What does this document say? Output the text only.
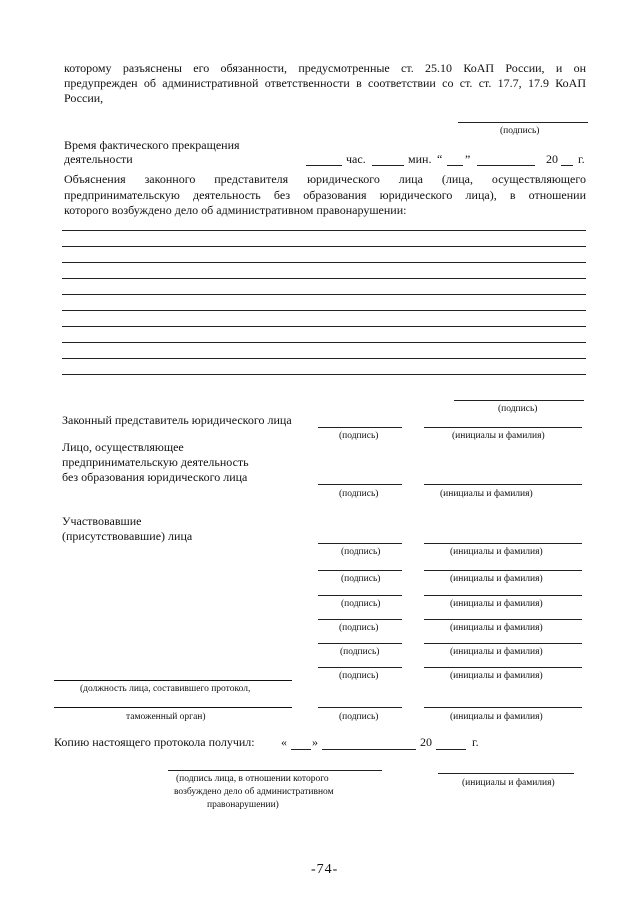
которому разъяснены его обязанности, предусмотренные ст. 25.10 КоАП России, и он
предупрежден об административной ответственности в соответствии со ст. ст. 17.7, 17.9 КоАП
России,
(подпись)
Время фактического прекращения
деятельности	час.	мин. “ ”	20 г.
Объяснения законного представителя юридического лица (лица, осуществляющего
предпринимательскую деятельность без образования юридического лица), в отношении
которого возбуждено дело об административном правонарушении:
(подпись)
Законный представитель юридического лица
(подпись)	(инициалы и фамилия)
Лицо, осуществляющее
предпринимательскую деятельность
без образования юридического лица
(подпись)	(инициалы и фамилия)
Участвовавшие
(присутствовавшие) лица
(подпись)	(инициалы и фамилия)
(подпись)	(инициалы и фамилия)
(подпись)	(инициалы и фамилия)
(подпись)	(инициалы и фамилия)
(подпись)	(инициалы и фамилия)
(подпись)	(инициалы и фамилия)
(должность лица, составившего протокол,
таможенный орган)	(подпись)	(инициалы и фамилия)
Копию настоящего протокола получил: « »	20	г.
(подпись лица, в отношении которого
возбуждено дело об административном
правонарушении)
(инициалы и фамилия)
-74-
